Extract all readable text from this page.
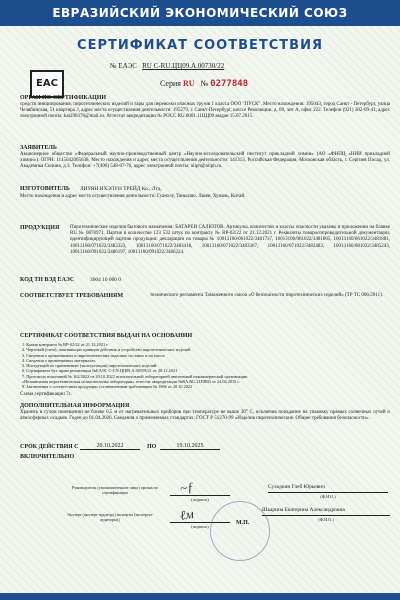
ЕВРАЗИЙСКИЙ ЭКОНОМИЧЕСКИЙ СОЮЗ
СЕРТИФИКАТ СООТВЕТСТВИЯ
EAC
№ ЕАЭС RU С-RU.ЦЦ09.А.00730/22
Серия RU № 0277848
ОРГАН ПО СЕРТИФИКАЦИИ
средств инициирования, пиротехнических изделий и тары для перевозки опасных грузов 1 класса ООО "ПУСК". Место нахождения: 195043, город Санкт - Петербург, улица Челябинская, 51 квартира 3, адрес места осуществления деятельности: 195279, г. Санкт-Петербург, шоссе Революции, д. 69, лит А, офис 222. Телефон (921) 302-69-41, адрес электронной почты: kat290376@mail.ru. Аттестат аккредитации № РОСС RU.0001.11ЦЦ09 выдан 15.07.2015.
ЗАЯВИТЕЛЬ
Акционерное общество «Федеральный научно-производственный центр «Научно-исследовательский институт прикладной химии» (АО «ФНПЦ «НИИ прикладной химии»). ОГРН: 1115042005638. Место нахождения и адрес места осуществления деятельности: 141313, Российская Федерация, Московская область, г. Сергиев Посад, ул. Академика Силина, д.3. Телефон: +7(496) 548-07-76, адрес электронной почты: niiph@niiph.ru.
ИЗГОТОВИТЕЛЬ ЛИУЯН ИХЭЛУН ТРЕЙД Ко., Лтд.
Место нахождения и адрес места осуществления деятельности: Гуанхэу, Тяньцзяо, Люян, Хунань, Китай.
ПРОДУКЦИЯ Пиротехнические изделия бытового назначения: БАТАРЕИ САЛЮТОВ. Артикулы, количество и классы опасности указаны в приложении на бланке RU № 0870971. Партия в количестве 123 532 штук по контракту № RP-02/22 от 21.12.2021 г. Реквизиты товаросопроводительной документации, идентифицирующей партию продукции: декларации на товары № 10013160/061022/3481737, 10013160/061022/3481805, 10013160/061022/3481881, 10013160/071022/3483323, 10013160/071022/3483418, 10013160/071022/3483367, 10013160/071022/3483483, 10013160/081022/3485243, 10013160/091022/3486197, 10013160/091022/3486224.
КОД ТН ВЭД ЕАЭС	3604 10 000 0
СООТВЕТСТВУЕТ ТРЕБОВАНИЯМ	технического регламента Таможенного союза «О безопасности пиротехнических изделий» (ТР ТС 006/2011).
СЕРТИФИКАТ СООТВЕТСТВИЯ ВЫДАН НА ОСНОВАНИИ
1. Копия контракта № RP-02/22 от 21.12.2021 г.
2. Чертежей (схем), поясняющих принцип действия и устройство пиротехнических изделий.
3. Сведения о применяемых в пиротехнических изделиях составах и их массе.
4. Сведения о применяемых материалах.
5. Инструкций по применению (эксплуатации) пиротехнических изделий.
6. Сертификата бух права реализации №ЕАЭС C-CN.ЦЦ09.А.00559/21 от 28.12.2021
7. Протокола испытаний № 162/2022 от 20.10.2022 испытательной лабораторией автономной некоммерческой организации
«Независимая пиротехническая испытательная лаборатория» аттестат аккредитации №RA.RU.21ПЯ03 от 24.04.2015 г.
8. Заключения о соответствии продукции установленным требованиям № 1696 от 20.10.2022
Схема сертификации 7с.
ДОПОЛНИТЕЛЬНАЯ ИНФОРМАЦИЯ
Хранить в сухом помещении не ближе 0,5 м от нагревательных приборов при температуре не выше 30° С, исключив попадание на упаковку прямых солнечных лучей и атмосферных осадков. Годен до 01.04.2026. Сведения о применяемых стандартах: ГОСТ Р 51270-99 «Изделия пиротехнические. Общие требования безопасности».
СРОК ДЕЙСТВИЯ С	20.10.2022	ПО	19.10.2025
ВКЛЮЧИТЕЛЬНО
Руководитель (уполномоченное лицо) органа по сертификации
(подпись)
Суходкин Глеб Юрьевич
(Ф.И.О.)
М.П.
Эксперт (эксперт-аудитор) (эксперты (эксперты-аудиторы))
(подпись)
Шкарина Екатерина Александровна
(Ф.И.О.)
~ƒ
ℓм
